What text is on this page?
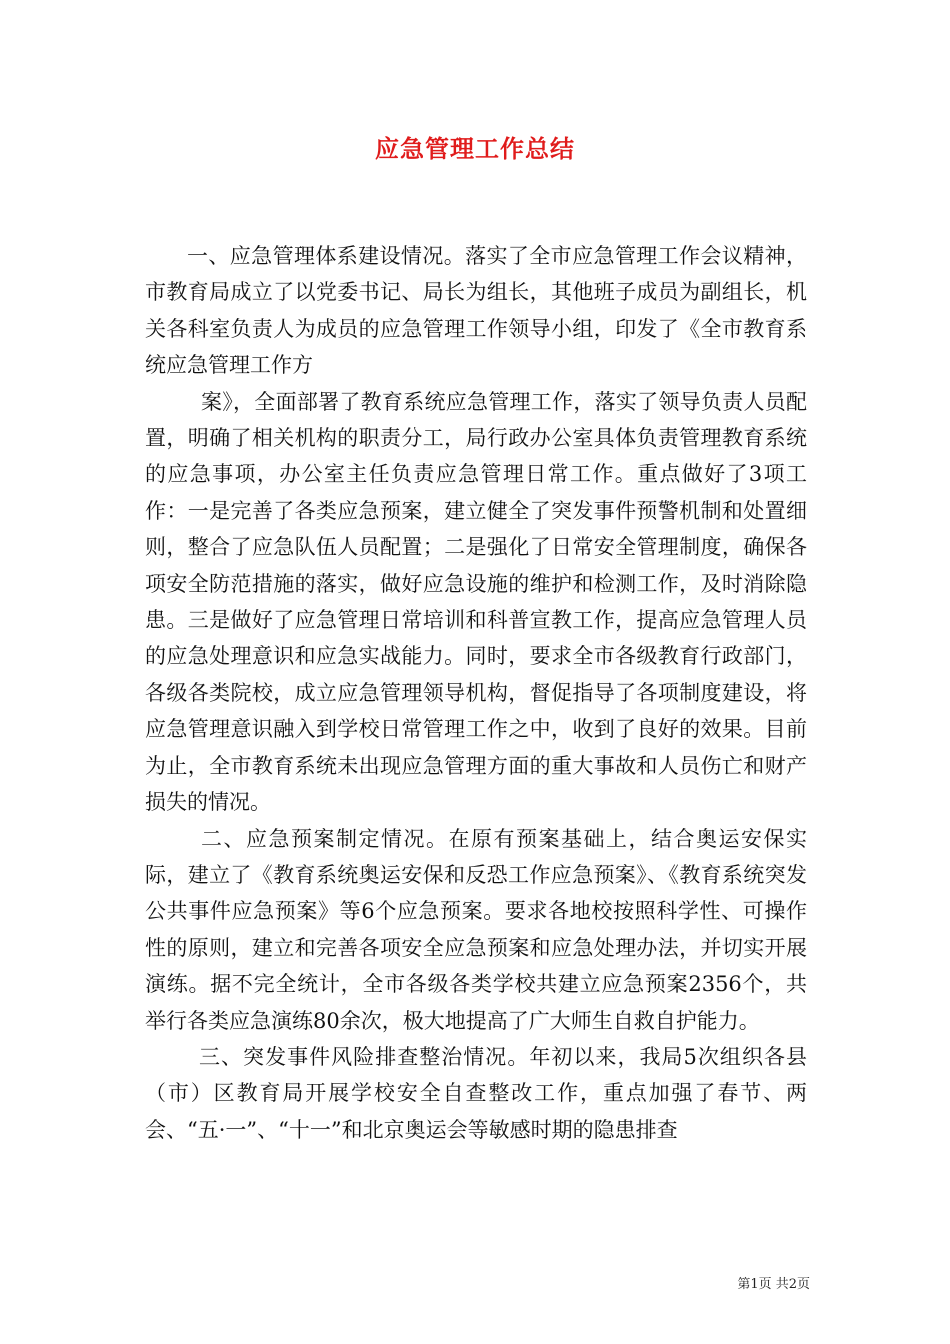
应急管理工作总结

一、应急管理体系建设情况。落实了全市应急管理工作会议精神，市教育局成立了以党委书记、局长为组长，其他班子成员为副组长，机关各科室负责人为成员的应急管理工作领导小组，印发了《全市教育系统应急管理工作方

案》，全面部署了教育系统应急管理工作，落实了领导负责人员配置，明确了相关机构的职责分工，局行政办公室具体负责管理教育系统的应急事项，办公室主任负责应急管理日常工作。重点做好了3项工作：一是完善了各类应急预案，建立健全了突发事件预警机制和处置细则，整合了应急队伍人员配置；二是强化了日常安全管理制度，确保各项安全防范措施的落实，做好应急设施的维护和检测工作，及时消除隐患。三是做好了应急管理日常培训和科普宣教工作，提高应急管理人员的应急处理意识和应急实战能力。同时，要求全市各级教育行政部门，各级各类院校，成立应急管理领导机构，督促指导了各项制度建设，将应急管理意识融入到学校日常管理工作之中，收到了良好的效果。目前为止，全市教育系统未出现应急管理方面的重大事故和人员伤亡和财产损失的情况。

二、应急预案制定情况。在原有预案基础上，结合奥运安保实际，建立了《教育系统奥运安保和反恐工作应急预案》、《教育系统突发公共事件应急预案》等6个应急预案。要求各地校按照科学性、可操作性的原则，建立和完善各项安全应急预案和应急处理办法，并切实开展演练。据不完全统计，全市各级各类学校共建立应急预案2356个，共举行各类应急演练80余次，极大地提高了广大师生自救自护能力。

三、突发事件风险排查整治情况。年初以来，我局5次组织各县（市）区教育局开展学校安全自查整改工作，重点加强了春节、两会、“五·一”、“十一”和北京奥运会等敏感时期的隐患排查

第1页 共2页
